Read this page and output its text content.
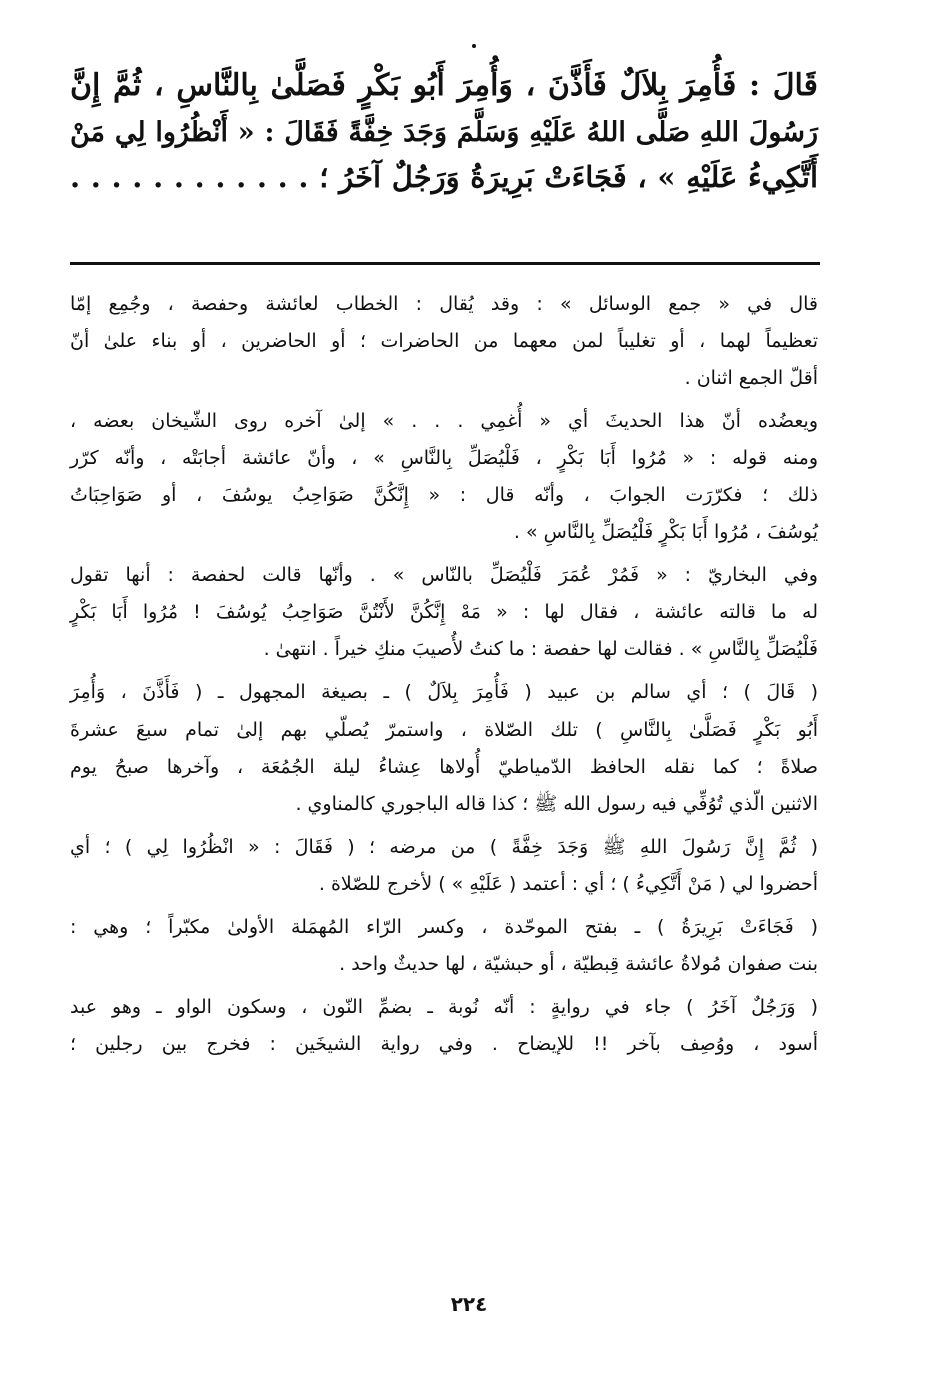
قَالَ : فَأُمِرَ بِلاَلٌ فَأَذَّنَ ، وَأُمِرَ أَبُو بَكْرٍ فَصَلَّىٰ بِالنَّاسِ ، ثُمَّ إِنَّ
رَسُولَ اللهِ صَلَّى اللهُ عَلَيْهِ وَسَلَّمَ وَجَدَ خِفَّةً فَقَالَ : « أَنْظُرُوا لِي مَنْ
أَتَّكِيءُ عَلَيْهِ » ، فَجَاءَتْ بَرِيرَةُ وَرَجُلٌ آخَرُ ؛ . . . . . . . . . . . .
قال في « جمع الوسائل » : وقد يُقال : الخطاب لعائشة وحفصة ، وجُمِع إمّا
تعظيماً لهما ، أو تغليباً لمن معهما من الحاضرات ؛ أو الحاضرين ، أو بناء علىٰ أنّ
أقلّ الجمع اثنان .
ويعضُده أنّ هذا الحديثَ أي « أُغمِي . . . » إلىٰ آخره روى الشّيخان بعضه ،
ومنه قوله : « مُرُوا أَبَا بَكْرٍ ، فَلْيُصَلِّ بِالنَّاسِ » ، وأنّ عائشة أجابَتْه ، وأنّه كرّر
ذلك ؛ فكرّرَت الجوابَ ، وأنّه قال : « إِنَّكُنَّ صَوَاحِبُ يوسُفَ ، أو صَوَاحِبَاتُ
يُوسُفَ ، مُرُوا أَبَا بَكْرٍ فَلْيُصَلِّ بِالنَّاسِ » .
وفي البخاريّ : « فَمُرْ عُمَرَ فَلْيُصَلِّ بالنّاس » . وأنّها قالت لحفصة : أنها تقول
له ما قالته عائشة ، فقال لها : « مَهْ إِنَّكُنَّ لأَنْتُنَّ صَوَاحِبُ يُوسُفَ ! مُرُوا أَبَا بَكْرٍ
فَلْيُصَلِّ بِالنَّاسِ » . فقالت لها حفصة : ما كنتُ لأُصيبَ منكِ خيراً . انتهىٰ .
( قَالَ ) ؛ أي سالم بن عبيد ( فَأُمِرَ بِلاَلٌ ) ـ بصيغة المجهول ـ ( فَأَذَّنَ ، وَأُمِرَ
أَبُو بَكْرٍ فَصَلَّىٰ بِالنَّاسِ ) تلك الصّلاة ، واستمرّ يُصلّي بهم إلىٰ تمام سبعَ عشرةَ
صلاةً ؛ كما نقله الحافظ الدّمياطيّ أُولاها عِشاءُ ليلة الجُمُعَة ، وآخرها صبحُ يوم
الاثنين الّذي تُوُفِّي فيه رسول الله ﷺ ؛ كذا قاله الباجوري كالمناوي .
( ثُمَّ إِنَّ رَسُولَ اللهِ ﷺ وَجَدَ خِفَّةً ) من مرضه ؛ ( فَقَالَ : « انْظُرُوا لِي ) ؛ أي
أحضروا لي ( مَنْ أَتَّكِيءُ ) ؛ أي : أعتمد ( عَلَيْهِ » ) لأخرج للصّلاة .
( فَجَاءَتْ بَرِيرَةُ ) ـ بفتح الموحّدة ، وكسر الرّاء المُهمَلة الأولىٰ مكبّراً ؛ وهي :
بنت صفوان مُولاةُ عائشة قِبطيّة ، أو حبشيّة ، لها حديثٌ واحد .
( وَرَجُلٌ آخَرُ ) جاء في روايةٍ : أنّه نُوبة ـ بضمِّ النّون ، وسكون الواو ـ وهو عبد
أسود ، ووُصِف بآخر !! للإيضاح . وفي رواية الشيخَين : فخرج بين رجلين ؛
٢٢٤
